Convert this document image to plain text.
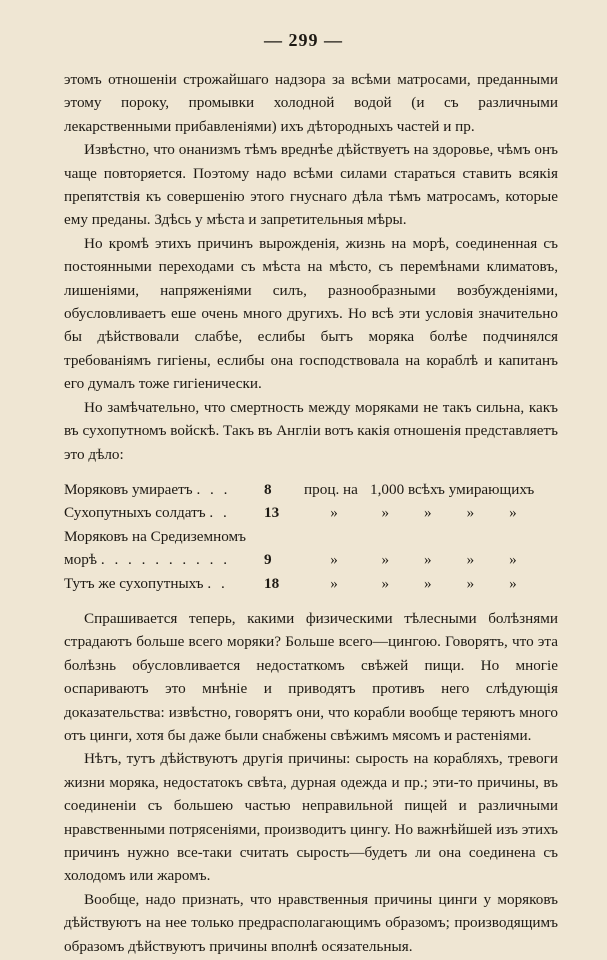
— 299 —

этомъ отношенiи строжайшаго надзора за всѣми матросами, преданными этому пороку, промывки холодной водой (и съ различными лекарственными прибавленiями) ихъ дѣтородныхъ частей и пр.

Извѣстно, что онанизмъ тѣмъ вреднѣе дѣйствуетъ на здоровье, чѣмъ онъ чаще повторяется. Поэтому надо всѣми силами стараться ставить всякiя препятствiя къ совершенiю этого гнуснаго дѣла тѣмъ матросамъ, которые ему преданы. Здѣсь у мѣста и запретительныя мѣры.

Но кромѣ этихъ причинъ вырожденiя, жизнь на морѣ, соединенная съ постоянными переходами съ мѣста на мѣсто, съ перемѣнами климатовъ, лишенiями, напряженiями силъ, разнообразными возбужденiями, обусловливаетъ еше очень много другихъ. Но всѣ эти условiя значительно бы дѣйствовали слабѣе, еслибы бытъ моряка болѣе подчинялся требованiямъ гигiены, еслибы она господствовала на кораблѣ и капитанъ его думалъ тоже гигiенически.

Но замѣчательно, что смертность между моряками не такъ сильна, какъ въ сухопутномъ войскѣ. Такъ въ Англiи вотъ какiя отношенiя представляетъ это дѣло:

Моряковъ умираетъ . . .	8	проц. на	1,000 всѣхъ умирающихъ			
Сухопутныхъ солдатъ . .	13	»	»	»	»	»
Моряковъ на Средиземномъ						
морѣ . . . . . . . . . .	9	»	»	»	»	»
Тутъ же сухопутныхъ . .	18	»	»	»	»	»

Спрашивается теперь, какими физическими тѣлесными болѣзнями страдаютъ больше всего моряки? Больше всего—цингою. Говорятъ, что эта болѣзнь обусловливается недостаткомъ свѣжей пищи. Но многiе оспариваютъ это мнѣнiе и приводятъ противъ него слѣдующiя доказательства: извѣстно, говорятъ они, что корабли вообще теряютъ много отъ цинги, хотя бы даже были снабжены свѣжимъ мясомъ и растенiями.

Нѣтъ, тутъ дѣйствуютъ другiя причины: сырость на корабляхъ, тревоги жизни моряка, недостатокъ свѣта, дурная одежда и пр.; эти-то причины, въ соединенiи съ большею частью неправильной пищей и различными нравственными потрясенiями, производитъ цингу. Но важнѣйшей изъ этихъ причинъ нужно все-таки считать сырость—будетъ ли она соединена съ холодомъ или жаромъ.

Вообще, надо признать, что нравственныя причины цинги у моряковъ дѣйствуютъ на нее только предрасполагающимъ образомъ; производящимъ образомъ дѣйствуютъ причины вполнѣ осязательныя.
